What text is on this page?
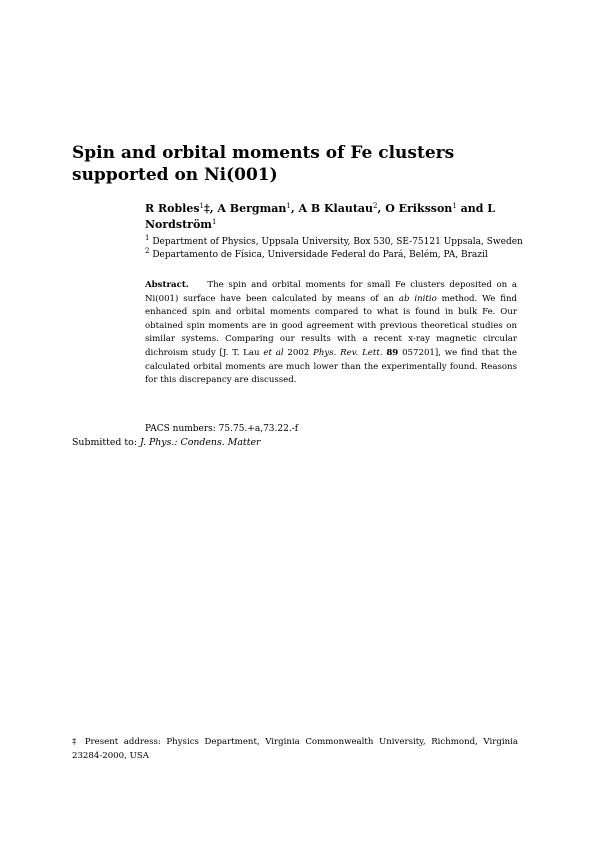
Spin and orbital moments of Fe clusters supported on Ni(001)
R Robles$^1$‡, A Bergman$^1$, A B Klautau$^2$, O Eriksson$^1$ and L Nordström$^1$
$^1$ Department of Physics, Uppsala University, Box 530, SE-75121 Uppsala, Sweden
$^2$ Departamento de Física, Universidade Federal do Pará, Belém, PA, Brazil
Abstract. The spin and orbital moments for small Fe clusters deposited on a Ni(001) surface have been calculated by means of an ab initio method. We find enhanced spin and orbital moments compared to what is found in bulk Fe. Our obtained spin moments are in good agreement with previous theoretical studies on similar systems. Comparing our results with a recent x-ray magnetic circular dichroism study [J. T. Lau et al 2002 Phys. Rev. Lett. 89 057201], we find that the calculated orbital moments are much lower than the experimentally found. Reasons for this discrepancy are discussed.
PACS numbers: 75.75.+a,73.22.-f
Submitted to: J. Phys.: Condens. Matter
‡ Present address: Physics Department, Virginia Commonwealth University, Richmond, Virginia 23284-2000, USA
